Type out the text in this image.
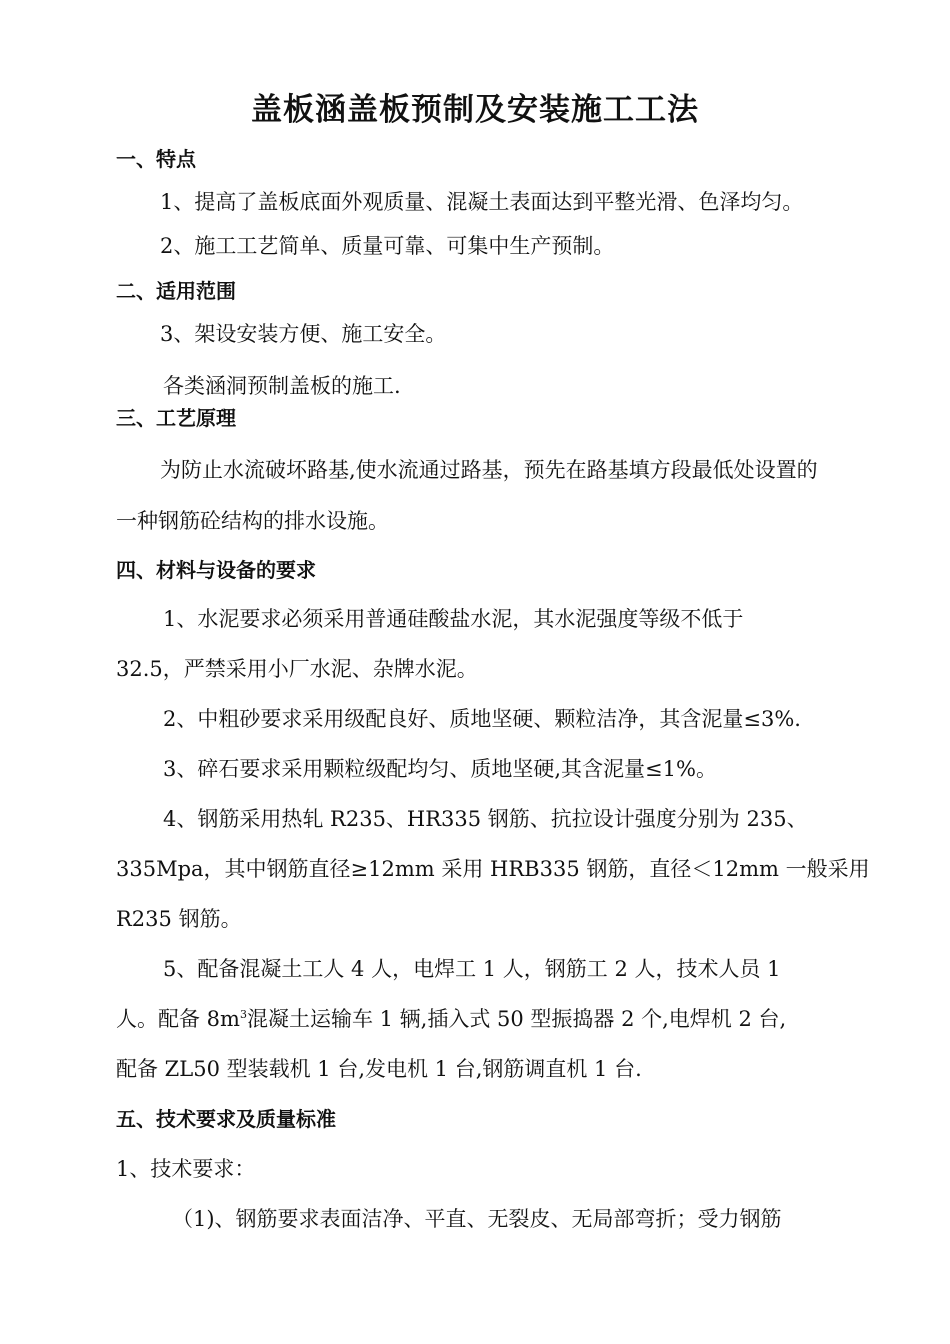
盖板涵盖板预制及安装施工工法
一、特点
1、提高了盖板底面外观质量、混凝土表面达到平整光滑、色泽均匀。
2、施工工艺简单、质量可靠、可集中生产预制。
二、适用范围
3、架设安装方便、施工安全。
各类涵洞预制盖板的施工.
三、工艺原理
为防止水流破坏路基,使水流通过路基，预先在路基填方段最低处设置的
一种钢筋砼结构的排水设施。
四、材料与设备的要求
1、水泥要求必须采用普通硅酸盐水泥，其水泥强度等级不低于
32.5，严禁采用小厂水泥、杂牌水泥。
2、中粗砂要求采用级配良好、质地坚硬、颗粒洁净，其含泥量≤3%.
3、碎石要求采用颗粒级配均匀、质地坚硬,其含泥量≤1%。
4、钢筋采用热轧 R235、HR335 钢筋、抗拉设计强度分别为 235、
335Mpa，其中钢筋直径≥12mm 采用 HRB335 钢筋，直径＜12mm 一般采用
R235 钢筋。
5、配备混凝土工人 4 人，电焊工 1 人，钢筋工 2 人，技术人员 1
人。配备 $8m^3$混凝土运输车 1 辆,插入式 50 型振捣器 2 个,电焊机 2 台,
配备 ZL50 型装载机 1 台,发电机 1 台,钢筋调直机 1 台.
五、技术要求及质量标准
1、技术要求：
（1)、钢筋要求表面洁净、平直、无裂皮、无局部弯折；受力钢筋
